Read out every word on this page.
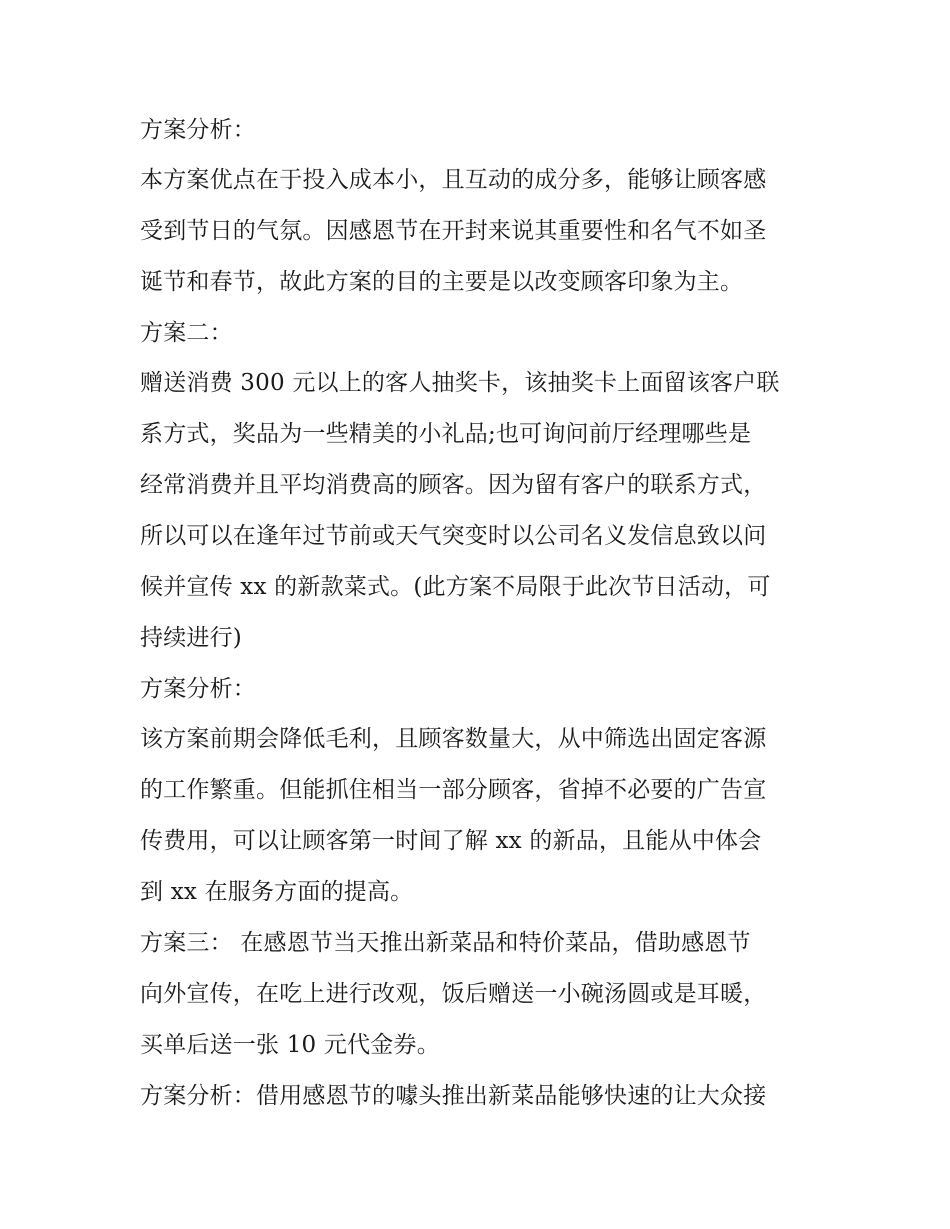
方案分析：
本方案优点在于投入成本小，且互动的成分多，能够让顾客感
受到节日的气氛。因感恩节在开封来说其重要性和名气不如圣
诞节和春节，故此方案的目的主要是以改变顾客印象为主。
方案二：
赠送消费 300 元以上的客人抽奖卡，该抽奖卡上面留该客户联
系方式，奖品为一些精美的小礼品;也可询问前厅经理哪些是
经常消费并且平均消费高的顾客。因为留有客户的联系方式，
所以可以在逢年过节前或天气突变时以公司名义发信息致以问
候并宣传 xx 的新款菜式。(此方案不局限于此次节日活动，可
持续进行)
方案分析：
该方案前期会降低毛利，且顾客数量大，从中筛选出固定客源
的工作繁重。但能抓住相当一部分顾客，省掉不必要的广告宣
传费用，可以让顾客第一时间了解 xx 的新品，且能从中体会
到 xx 在服务方面的提高。
方案三： 在感恩节当天推出新菜品和特价菜品，借助感恩节
向外宣传，在吃上进行改观，饭后赠送一小碗汤圆或是耳暖，
买单后送一张 10 元代金券。
方案分析：借用感恩节的噱头推出新菜品能够快速的让大众接
